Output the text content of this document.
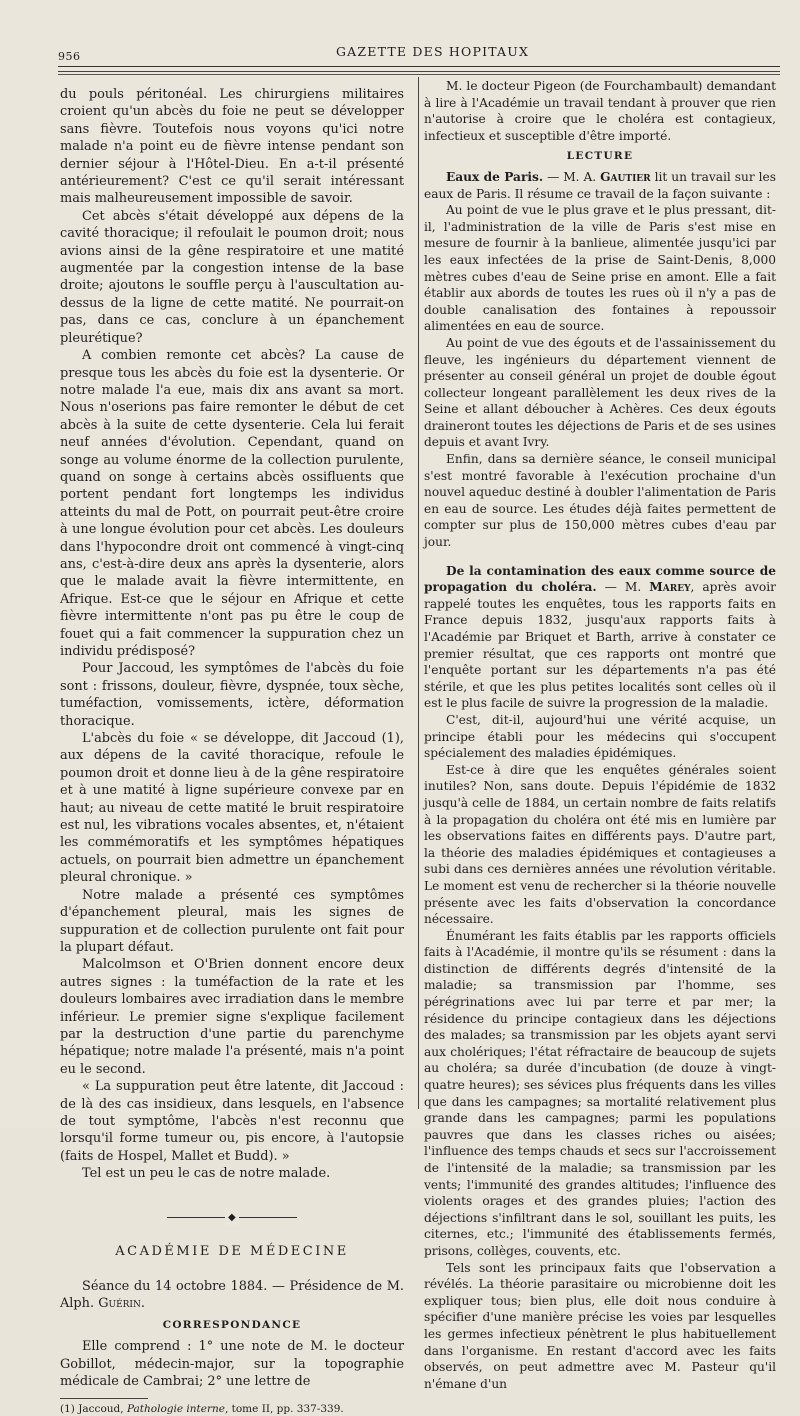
956	GAZETTE DES HOPITAUX

du pouls péritonéal. Les chirurgiens militaires croient qu'un abcès du foie ne peut se développer sans fièvre. Toutefois nous voyons qu'ici notre malade n'a point eu de fièvre intense pendant son dernier séjour à l'Hôtel-Dieu. En a-t-il présenté antérieurement? C'est ce qu'il serait intéressant mais malheureusement impossible de savoir.

Cet abcès s'était développé aux dépens de la cavité thoracique; il refoulait le poumon droit; nous avions ainsi de la gêne respiratoire et une matité augmentée par la congestion intense de la base droite; ajoutons le souffle perçu à l'auscultation au-dessus de la ligne de cette matité. Ne pourrait-on pas, dans ce cas, conclure à un épanchement pleurétique?

A combien remonte cet abcès? La cause de presque tous les abcès du foie est la dysenterie. Or notre malade l'a eue, mais dix ans avant sa mort. Nous n'oserions pas faire remonter le début de cet abcès à la suite de cette dysenterie. Cela lui ferait neuf années d'évolution. Cependant, quand on songe au volume énorme de la collection purulente, quand on songe à certains abcès ossifluents que portent pendant fort longtemps les individus atteints du mal de Pott, on pourrait peut-être croire à une longue évolution pour cet abcès. Les douleurs dans l'hypocondre droit ont commencé à vingt-cinq ans, c'est-à-dire deux ans après la dysenterie, alors que le malade avait la fièvre intermittente, en Afrique. Est-ce que le séjour en Afrique et cette fièvre intermittente n'ont pas pu être le coup de fouet qui a fait commencer la suppuration chez un individu prédisposé?

Pour Jaccoud, les symptômes de l'abcès du foie sont : frissons, douleur, fièvre, dyspnée, toux sèche, tuméfaction, vomissements, ictère, déformation thoracique.

L'abcès du foie « se développe, dit Jaccoud (1), aux dépens de la cavité thoracique, refoule le poumon droit et donne lieu à de la gêne respiratoire et à une matité à ligne supérieure convexe par en haut; au niveau de cette matité le bruit respiratoire est nul, les vibrations vocales absentes, et, n'étaient les commémoratifs et les symptômes hépatiques actuels, on pourrait bien admettre un épanchement pleural chronique. »

Notre malade a présenté ces symptômes d'épanchement pleural, mais les signes de suppuration et de collection purulente ont fait pour la plupart défaut.

Malcolmson et O'Brien donnent encore deux autres signes : la tuméfaction de la rate et les douleurs lombaires avec irradiation dans le membre inférieur. Le premier signe s'explique facilement par la destruction d'une partie du parenchyme hépatique; notre malade l'a présenté, mais n'a point eu le second.

« La suppuration peut être latente, dit Jaccoud : de là des cas insidieux, dans lesquels, en l'absence de tout symptôme, l'abcès n'est reconnu que lorsqu'il forme tumeur ou, pis encore, à l'autopsie (faits de Hospel, Mallet et Budd). »

Tel est un peu le cas de notre malade.

◆
ACADÉMIE DE MÉDECINE

Séance du 14 octobre 1884. — Présidence de M. Alph. Guérin.

CORRESPONDANCE

Elle comprend : 1° une note de M. le docteur Gobillot, médecin-major, sur la topographie médicale de Cambrai; 2° une lettre de

(1) Jaccoud, Pathologie interne, tome II, pp. 337-339.

M. le docteur Pigeon (de Fourchambault) demandant à lire à l'Académie un travail tendant à prouver que rien n'autorise à croire que le choléra est contagieux, infectieux et susceptible d'être importé.

LECTURE

Eaux de Paris. — M. A. Gautier lit un travail sur les eaux de Paris. Il résume ce travail de la façon suivante :

Au point de vue le plus grave et le plus pressant, dit-il, l'administration de la ville de Paris s'est mise en mesure de fournir à la banlieue, alimentée jusqu'ici par les eaux infectées de la prise de Saint-Denis, 8,000 mètres cubes d'eau de Seine prise en amont. Elle a fait établir aux abords de toutes les rues où il n'y a pas de double canalisation des fontaines à repoussoir alimentées en eau de source.

Au point de vue des égouts et de l'assainissement du fleuve, les ingénieurs du département viennent de présenter au conseil général un projet de double égout collecteur longeant parallèlement les deux rives de la Seine et allant déboucher à Achères. Ces deux égouts draineront toutes les déjections de Paris et de ses usines depuis et avant Ivry.

Enfin, dans sa dernière séance, le conseil municipal s'est montré favorable à l'exécution prochaine d'un nouvel aqueduc destiné à doubler l'alimentation de Paris en eau de source. Les études déjà faites permettent de compter sur plus de 150,000 mètres cubes d'eau par jour.

De la contamination des eaux comme source de propagation du choléra. — M. Marey, après avoir rappelé toutes les enquêtes, tous les rapports faits en France depuis 1832, jusqu'aux rapports faits à l'Académie par Briquet et Barth, arrive à constater ce premier résultat, que ces rapports ont montré que l'enquête portant sur les départements n'a pas été stérile, et que les plus petites localités sont celles où il est le plus facile de suivre la progression de la maladie.

C'est, dit-il, aujourd'hui une vérité acquise, un principe établi pour les médecins qui s'occupent spécialement des maladies épidémiques.

Est-ce à dire que les enquêtes générales soient inutiles? Non, sans doute. Depuis l'épidémie de 1832 jusqu'à celle de 1884, un certain nombre de faits relatifs à la propagation du choléra ont été mis en lumière par les observations faites en différents pays. D'autre part, la théorie des maladies épidémiques et contagieuses a subi dans ces dernières années une révolution véritable. Le moment est venu de rechercher si la théorie nouvelle présente avec les faits d'observation la concordance nécessaire.

Énumérant les faits établis par les rapports officiels faits à l'Académie, il montre qu'ils se résument : dans la distinction de différents degrés d'intensité de la maladie; sa transmission par l'homme, ses pérégrinations avec lui par terre et par mer; la résidence du principe contagieux dans les déjections des malades; sa transmission par les objets ayant servi aux cholériques; l'état réfractaire de beaucoup de sujets au choléra; sa durée d'incubation (de douze à vingt-quatre heures); ses sévices plus fréquents dans les villes que dans les campagnes; sa mortalité relativement plus grande dans les campagnes; parmi les populations pauvres que dans les classes riches ou aisées; l'influence des temps chauds et secs sur l'accroissement de l'intensité de la maladie; sa transmission par les vents; l'immunité des grandes altitudes; l'influence des violents orages et des grandes pluies; l'action des déjections s'infiltrant dans le sol, souillant les puits, les citernes, etc.; l'immunité des établissements fermés, prisons, collèges, couvents, etc.

Tels sont les principaux faits que l'observation a révélés. La théorie parasitaire ou microbienne doit les expliquer tous; bien plus, elle doit nous conduire à spécifier d'une manière précise les voies par lesquelles les germes infectieux pénètrent le plus habituellement dans l'organisme. En restant d'accord avec les faits observés, on peut admettre avec M. Pasteur qu'il n'émane d'un
